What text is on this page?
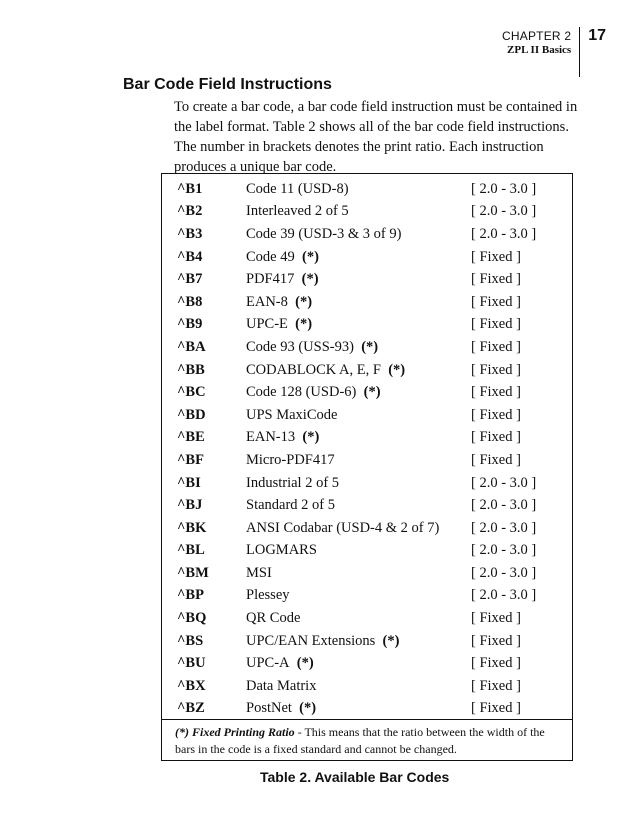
CHAPTER 2
ZPL II Basics
17
Bar Code Field Instructions

To create a bar code, a bar code field instruction must be contained in the label format. Table 2 shows all of the bar code field instructions. The number in brackets denotes the print ratio. Each instruction produces a unique bar code.

^B1	Code 11 (USD-8)	[ 2.0 - 3.0 ]
^B2	Interleaved 2 of 5	[ 2.0 - 3.0 ]
^B3	Code 39 (USD-3 & 3 of 9)	[ 2.0 - 3.0 ]
^B4	Code 49 (*)	[ Fixed ]
^B7	PDF417 (*)	[ Fixed ]
^B8	EAN-8 (*)	[ Fixed ]
^B9	UPC-E (*)	[ Fixed ]
^BA	Code 93 (USS-93) (*)	[ Fixed ]
^BB	CODABLOCK A, E, F (*)	[ Fixed ]
^BC	Code 128 (USD-6) (*)	[ Fixed ]
^BD	UPS MaxiCode	[ Fixed ]
^BE	EAN-13 (*)	[ Fixed ]
^BF	Micro-PDF417	[ Fixed ]
^BI	Industrial 2 of 5	[ 2.0 - 3.0 ]
^BJ	Standard 2 of 5	[ 2.0 - 3.0 ]
^BK	ANSI Codabar (USD-4 & 2 of 7)	[ 2.0 - 3.0 ]
^BL	LOGMARS	[ 2.0 - 3.0 ]
^BM	MSI	[ 2.0 - 3.0 ]
^BP	Plessey	[ 2.0 - 3.0 ]
^BQ	QR Code	[ Fixed ]
^BS	UPC/EAN Extensions (*)	[ Fixed ]
^BU	UPC-A (*)	[ Fixed ]
^BX	Data Matrix	[ Fixed ]
^BZ	PostNet (*)	[ Fixed ]
(*) Fixed Printing Ratio - This means that the ratio between the width of the bars in the code is a fixed standard and cannot be changed.
Table 2. Available Bar Codes
